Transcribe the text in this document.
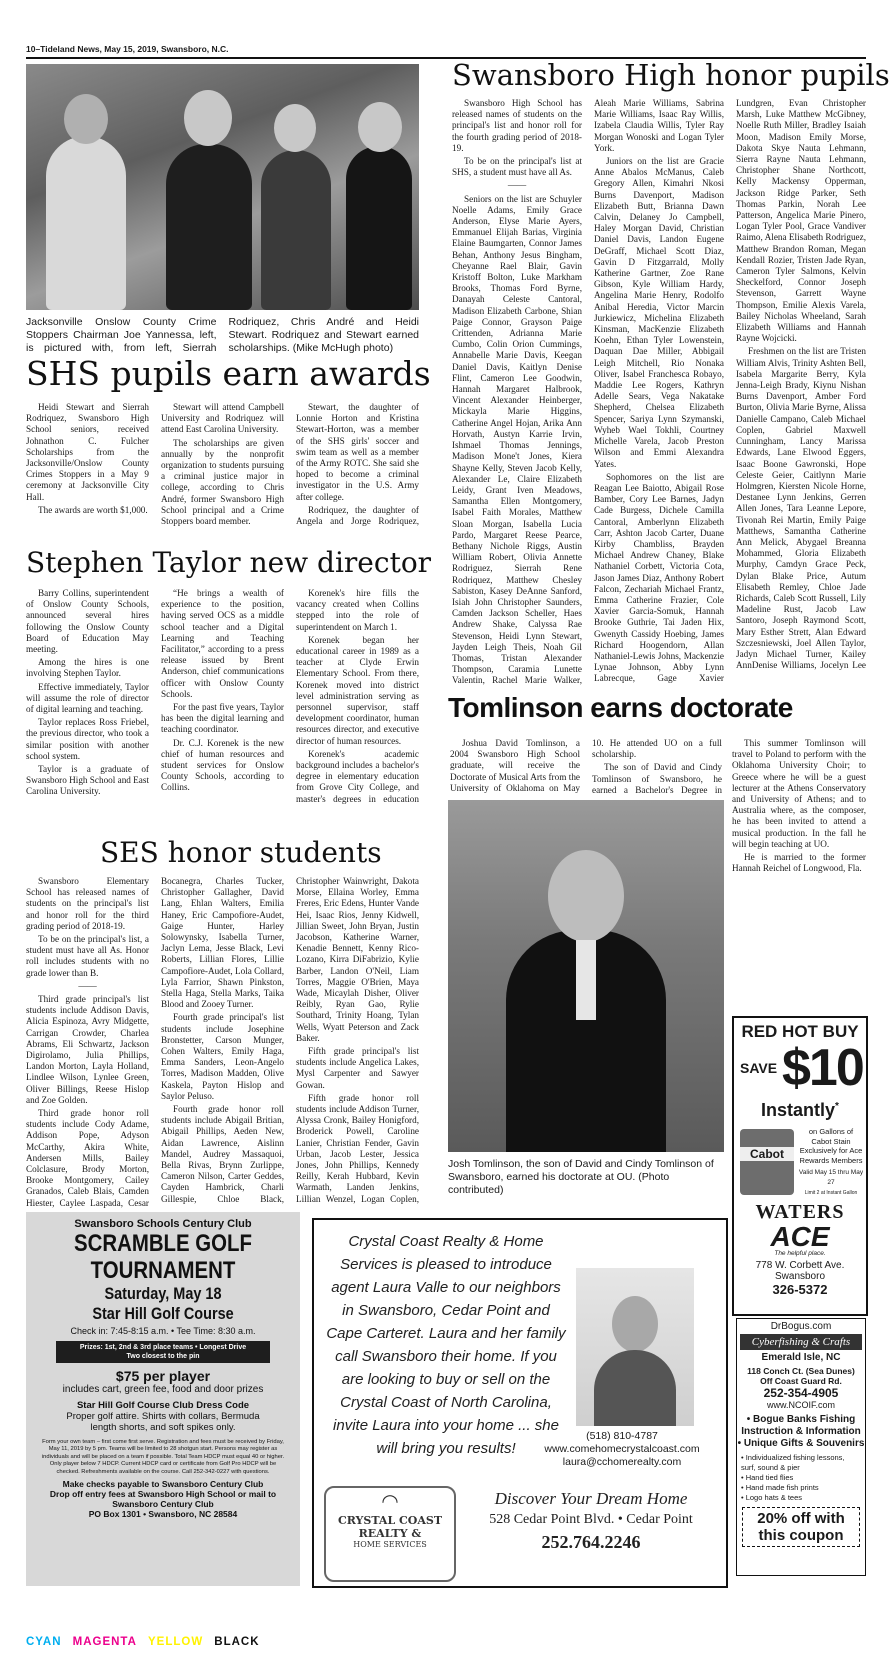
10–Tideland News, May 15, 2019, Swansboro, N.C.
Jacksonville Onslow County Crime Stoppers Chairman Joe Yannessa, left, is pictured with, from left, Sierrah Rodriquez, Chris André and Heidi Stewart. Rodriquez and Stewart earned scholarships. (Mike McHugh photo)
SHS pupils earn awards

Heidi Stewart and Sierrah Rodriquez, Swansboro High School seniors, received Johnathon C. Fulcher Scholarships from the Jacksonville/Onslow County Crimes Stoppers in a May 9 ceremony at Jacksonville City Hall.

The awards are worth $1,000.

Stewart will attend Campbell University and Rodriquez will attend East Carolina University.

The scholarships are given annually by the nonprofit organization to students pursuing a criminal justice major in college, according to Chris André, former Swansboro High School principal and a Crime Stoppers board member.

Stewart, the daughter of Lonnie Horton and Kristina Stewart-Horton, was a member of the SHS girls' soccer and swim team as well as a member of the Army ROTC. She said she hoped to become a criminal investigator in the U.S. Army after college.

Rodriquez, the daughter of Angela and Jorge Rodriquez,

Stephen Taylor new director

Barry Collins, superintendent of Onslow County Schools, announced several hires following the Onslow County Board of Education May meeting.

Among the hires is one involving Stephen Taylor.

Effective immediately, Taylor will assume the role of director of digital learning and teaching.

Taylor replaces Ross Friebel, the previous director, who took a similar position with another school system.

Taylor is a graduate of Swansboro High School and East Carolina University.

“He brings a wealth of experience to the position, having served OCS as a middle school teacher and a Digital Learning and Teaching Facilitator,” according to a press release issued by Brent Anderson, chief communications officer with Onslow County Schools.

For the past five years, Taylor has been the digital learning and teaching coordinator.

Dr. C.J. Korenek is the new chief of human resources and student services for Onslow County Schools, according to Collins.

Korenek's hire fills the vacancy created when Collins stepped into the role of superintendent on March 1.

Korenek began her educational career in 1989 as a teacher at Clyde Erwin Elementary School. From there, Korenek moved into district level administration serving as personnel supervisor, staff development coordinator, human resources director, and executive director of human resources.

Korenek's academic background includes a bachelor's degree in elementary education from Grove City College, and master's degrees in education

SES honor students

Swansboro Elementary School has released names of students on the principal's list and honor roll for the third grading period of 2018-19.

To be on the principal's list, a student must have all As. Honor roll includes students with no grade lower than B.

——

Third grade principal's list students include Addison Davis, Alicia Espinoza, Avry Midgette, Carrigan Crowder, Charlea Abrams, Eli Schwartz, Jackson Digirolamo, Julia Phillips, Landon Morton, Layla Holland, Lindlee Wilson, Lynlee Green, Oliver Billings, Reese Hislop and Zoe Golden.

Third grade honor roll students include Cody Adame, Addison Pope, Adyson McCarthy, Akira White, Andersen Mills, Bailey Colclasure, Brody Morton, Brooke Montgomery, Cailey Granados, Caleb Blais, Camden Hiester, Caylee Laspada, Cesar Bocanegra, Charles Tucker, Christopher Gallagher, David Lang, Ehlan Walters, Emilia Haney, Eric Campofiore-Audet, Gaige Hunter, Harley Solowynsky, Isabella Turner, Jaclyn Lema, Jesse Black, Levi Roberts, Lillian Flores, Lillie Campofiore-Audet, Lola Collard, Lyla Farrior, Shawn Pinkston, Stella Haga, Stella Marks, Taika Blood and Zooey Turner.

Fourth grade principal's list students include Josephine Bronstetter, Carson Munger, Cohen Walters, Emily Haga, Emma Sanders, Leon-Angelo Torres, Madison Madden, Olive Kaskela, Payton Hislop and Saylor Peluso.

Fourth grade honor roll students include Abigail Britian, Abigail Phillips, Aeden New, Aidan Lawrence, Aislinn Mandel, Audrey Massaquoi, Bella Rivas, Brynn Zurlippe, Cameron Nilson, Carter Geddes, Cayden Hambrick, Charli Gillespie, Chloe Black, Christopher Wainwright, Dakota Morse, Ellaina Worley, Emma Freres, Eric Edens, Hunter Vande Hei, Isaac Rios, Jenny Kidwell, Jillian Sweet, John Bryan, Justin Jacobson, Katherine Warner, Kenadie Bennett, Kenny Rico-Lozano, Kirra DiFabrizio, Kylie Barber, Landon O'Neil, Liam Torres, Maggie O'Brien, Maya Wade, Micaylah Disher, Oliver Reibly, Ryan Gao, Rylie Southard, Trinity Hoang, Tylan Wells, Wyatt Peterson and Zack Baker.

Fifth grade principal's list students include Angelica Lakes, Mysl Carpenter and Sawyer Gowan.

Fifth grade honor roll students include Addison Turner, Alyssa Cronk, Bailey Honigford, Broderick Powell, Caroline Lanier, Christian Fender, Gavin Urban, Jacob Lester, Jessica Jones, John Phillips, Kennedy Reilly, Kerah Hubbard, Kevin Warmath, Landen Jenkins, Lillian Wenzel, Logan Coplen,

Swansboro High honor pupils

Swansboro High School has released names of students on the principal's list and honor roll for the fourth grading period of 2018-19.

To be on the principal's list at SHS, a student must have all As.

——

Seniors on the list are Schuyler Noelle Adams, Emily Grace Anderson, Elyse Marie Ayers, Emmanuel Elijah Barias, Virginia Elaine Baumgarten, Connor James Behan, Anthony Jesus Bingham, Cheyanne Rael Blair, Gavin Kristoff Bolton, Luke Markham Brooks, Thomas Ford Byrne, Danayah Celeste Cantoral, Madison Elizabeth Carbone, Shian Paige Connor, Grayson Paige Crittenden, Adrianna Marie Cumbo, Colin Orion Cummings, Annabelle Marie Davis, Keegan Daniel Davis, Kaitlyn Denise Flint, Cameron Lee Goodwin, Hannah Margaret Halbrook, Vincent Alexander Heinberger, Mickayla Marie Higgins, Catherine Angel Hojan, Arika Ann Horvath, Austyn Karrie Irvin, Ishmael Thomas Jennings, Madison Mone't Jones, Kiera Shayne Kelly, Steven Jacob Kelly, Alexander Le, Claire Elizabeth Leidy, Grant Iven Meadows, Samantha Ellen Montgomery, Isabel Faith Morales, Matthew Sloan Morgan, Isabella Lucia Pardo, Margaret Reese Pearce, Bethany Nichole Riggs, Austin William Robert, Olivia Annette Rodriguez, Sierrah Rene Rodriquez, Matthew Chesley Sabiston, Kasey DeAnne Sanford, Isiah John Christopher Saunders, Camden Jackson Scheller, Haes Andrew Shake, Calyssa Rae Stevenson, Heidi Lynn Stewart, Jayden Leigh Theis, Noah Gil Thomas, Tristan Alexander Thompson, Caramia Lunette Valentin, Rachel Marie Walker, Aleah Marie Williams, Sabrina Marie Williams, Isaac Ray Willis, Izabela Claudia Willis, Tyler Ray Morgan Wonoski and Logan Tyler York.

Juniors on the list are Gracie Anne Abalos McManus, Caleb Gregory Allen, Kimahri Nkosi Burns Davenport, Madison Elizabeth Butt, Brianna Dawn Calvin, Delaney Jo Campbell, Haley Morgan David, Christian Daniel Davis, Landon Eugene DeGraff, Michael Scott Diaz, Gavin D Fitzgarrald, Molly Katherine Gartner, Zoe Rane Gibson, Kyle William Hardy, Angelina Marie Henry, Rodolfo Anibal Heredia, Victor Marcin Jurkiewicz, Michelina Elizabeth Kinsman, MacKenzie Elizabeth Koehn, Ethan Tyler Lowenstein, Daquan Dae Miller, Abbigail Leigh Mitchell, Rio Nonaka Oliver, Isabel Franchesca Robayo, Maddie Lee Rogers, Kathryn Adelle Sears, Vega Nakatake Shepherd, Chelsea Elizabeth Spencer, Sariya Lynn Szymanski, Wyheb Wael Tokhli, Courtney Michelle Varela, Jacob Preston Wilson and Emmi Alexandra Yates.

Sophomores on the list are Reagan Lee Baiotto, Abigail Rose Bamber, Cory Lee Barnes, Jadyn Cade Burgess, Dichele Camilla Cantoral, Amberlynn Elizabeth Carr, Ashton Jacob Carter, Duane Kirby Chambliss, Brayden Michael Andrew Chaney, Blake Nathaniel Corbett, Victoria Cota, Jason James Diaz, Anthony Robert Falcon, Zechariah Michael Frantz, Emma Catherine Frazier, Cole Xavier Garcia-Somuk, Hannah Brooke Guthrie, Tai Jaden Hix, Gwenyth Cassidy Hoebing, James Richard Hoogendorn, Allan Nathaniel-Lewis Johns, Mackenzie Lynae Johnson, Abby Lynn Labrecque, Gage Xavier Lundgren, Evan Christopher Marsh, Luke Matthew McGibney, Noelle Ruth Miller, Bradley Isaiah Moon, Madison Emily Morse, Dakota Skye Nauta Lehmann, Sierra Rayne Nauta Lehmann, Christopher Shane Northcott, Kelly Mackensy Opperman, Jackson Ridge Parker, Seth Thomas Parkin, Norah Lee Patterson, Angelica Marie Pinero, Logan Tyler Pool, Grace Vandiver Raimo, Alena Elisabeth Rodriguez, Matthew Brandon Roman, Megan Kendall Rozier, Tristen Jade Ryan, Cameron Tyler Salmons, Kelvin Sheckelford, Connor Joseph Stevenson, Garrett Wayne Thompson, Emilie Alexis Varela, Bailey Nicholas Wheeland, Sarah Elizabeth Williams and Hannah Rayne Wojcicki.

Freshmen on the list are Tristen William Alvis, Trinity Ashten Bell, Isabela Margarite Berry, Kyla Jenna-Leigh Brady, Kiynu Nishan Burns Davenport, Amber Ford Burton, Olivia Marie Byrne, Alissa Danielle Campano, Caleb Michael Coplen, Gabriel Maxwell Cunningham, Lancy Marissa Edwards, Lane Elwood Eggers, Isaac Boone Gawronski, Hope Celeste Geier, Caitlynn Marie Holmgren, Kiersten Nicole Horne, Destanee Lynn Jenkins, Gerren Allen Jones, Tara Leanne Lepore, Tivonah Rei Martin, Emily Paige Matthews, Samantha Catherine Ann Melick, Abygael Breanna Mohammed, Gloria Elizabeth Murphy, Camdyn Grace Peck, Dylan Blake Price, Autum Elisabeth Remley, Chloe Jade Richards, Caleb Scott Russell, Lily Madeline Rust, Jacob Law Santoro, Joseph Raymond Scott, Mary Esther Strett, Alan Edward Szczesniewski, Joel Allen Taylor, Jadyn Michael Turner, Kailey AnnDenise Williams, Jocelyn Lee

Tomlinson earns doctorate

Joshua David Tomlinson, a 2004 Swansboro High School graduate, will receive the Doctorate of Musical Arts from the University of Oklahoma on May 10. He attended UO on a full scholarship.

The son of David and Cindy Tomlinson of Swansboro, he earned a Bachelor's Degree in

Josh Tomlinson, the son of David and Cindy Tomlinson of Swansboro, earned his doctorate at OU. (Photo contributed)

This summer Tomlinson will travel to Poland to perform with the Oklahoma University Choir; to Greece where he will be a guest lecturer at the Athens Conservatory and University of Athens; and to Australia where, as the composer, he has been invited to attend a musical production. In the fall he will begin teaching at UO.

He is married to the former Hannah Reichel of Longwood, Fla.

RED HOT BUY
SAVE $10
Instantly*
Cabot
on Gallons of Cabot Stain
Exclusively for Ace Rewards Members
Valid May 15 thru May 27
Limit 2 at Instant Gallon
WATERS
ACE
The helpful place.
778 W. Corbett Ave.
Swansboro
326-5372
DrBogus.com
Cyberfishing & Crafts
Emerald Isle, NC
118 Conch Ct. (Sea Dunes)
Off Coast Guard Rd.
252-354-4905
www.NCOIF.com
• Bogue Banks Fishing Instruction & Information
• Unique Gifts & Souvenirs
• Individualized fishing lessons, surf, sound & pier
• Hand tied flies
• Hand made fish prints
• Logo hats & tees
20% off with this coupon
Swansboro Schools Century Club
SCRAMBLE GOLF
TOURNAMENT
Saturday, May 18
Star Hill Golf Course
Check in: 7:45-8:15 a.m. • Tee Time: 8:30 a.m.
Prizes: 1st, 2nd & 3rd place teams • Longest Drive
Two closest to the pin
$75 per player
includes cart, green fee, food and door prizes
Star Hill Golf Course Club Dress Code
Proper golf attire. Shirts with collars, Bermuda
length shorts, and soft spikes only.
Form your own team – first come first serve. Registration and fees must be received by Friday, May 11, 2019 by 5 pm. Teams will be limited to 28 shotgun start. Persons may register as individuals and will be placed on a team if possible. Total Team HDCP must equal 40 or higher. Only player below 7 HDCP. Current HDCP card or certificate from Golf Pro HDCP will be checked. Refreshments available on the course. Call 252-342-0227 with questions.
Make checks payable to Swansboro Century Club
Drop off entry fees at Swansboro High School or mail to
Swansboro Century Club
PO Box 1301 • Swansboro, NC 28584
Crystal Coast Realty & Home Services is pleased to introduce agent Laura Valle to our neighbors in Swansboro, Cedar Point and Cape Carteret. Laura and her family call Swansboro their home. If you are looking to buy or sell on the Crystal Coast of North Carolina, invite Laura into your home ... she will bring you results!
(518) 810-4787
www.comehomecrystalcoast.com
laura@cchomerealty.com
◠
CRYSTAL COAST
REALTY &
HOME SERVICES
Discover Your Dream Home
528 Cedar Point Blvd. • Cedar Point
252.764.2246
CYAN MAGENTA YELLOW BLACK
